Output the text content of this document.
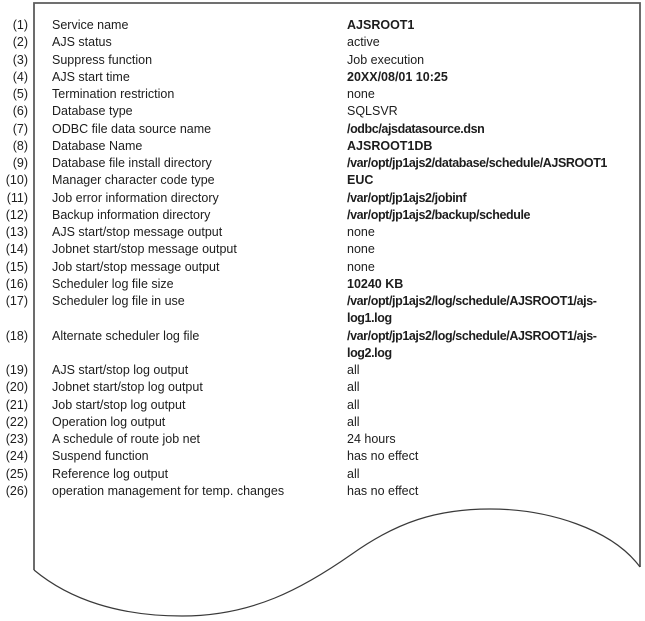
(1) Service name	AJSROOT1
(2) AJS status	active
(3) Suppress function	Job execution
(4) AJS start time	20XX/08/01 10:25
(5) Termination restriction	none
(6) Database type	SQLSVR
(7) ODBC file data source name	/odbc/ajsdatasource.dsn
(8) Database Name	AJSROOT1DB
(9) Database file install directory	/var/opt/jp1ajs2/database/schedule/AJSROOT1
(10) Manager character code type	EUC
(11) Job error information directory	/var/opt/jp1ajs2/jobinf
(12) Backup information directory	/var/opt/jp1ajs2/backup/schedule
(13) AJS start/stop message output	none
(14) Jobnet start/stop message output	none
(15) Job start/stop message output	none
(16) Scheduler log file size	10240 KB
(17) Scheduler log file in use	/var/opt/jp1ajs2/log/schedule/AJSROOT1/ajs-
log1.log
(18) Alternate scheduler log file	/var/opt/jp1ajs2/log/schedule/AJSROOT1/ajs-
log2.log
(19) AJS start/stop log output	all
(20) Jobnet start/stop log output	all
(21) Job start/stop log output	all
(22) Operation log output	all
(23) A schedule of route job net	24 hours
(24) Suspend function	has no effect
(25) Reference log output	all
(26) operation management for temp. changes	has no effect
